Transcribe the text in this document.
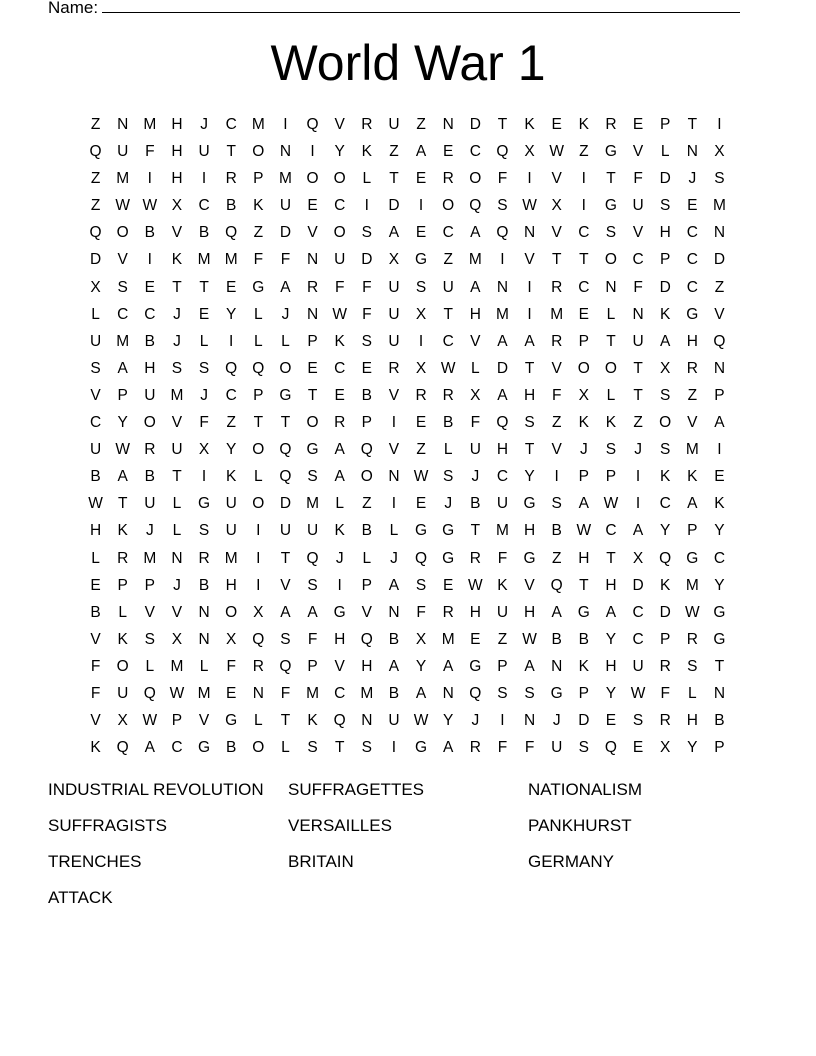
Name:
World War 1
Z	N M H	J	C M	I	Q	V	R	U	Z	N	D	T	K	E	K	R	E	P	T	I
Q U	F	H	U	T	O N	I	Y	K	Z	A	E	C	Q	X W Z	G	V	L	N	X
Z	M	I	H	I	R	P M O O	L	T	E	R	O	F	I	V	I	T	F	D	J	S
Z W W X	C	B	K	U	E	C	I	D	I	O Q	S W X	I	G U	S	E M
Q O	B	V	B	Q	Z	D	V	O	S	A	E	C	A	Q N	V	C	S	V	H	C	N
D	V	I	K M M	F	F	N	U	D	X	G	Z	M	I	V	T	T	O C	P	C	D
X	S	E	T	T	E	G	A	R	F	F	U	S	U	A	N	I	R	C	N	F	D	C	Z
L	C	C	J	E	Y	L	J	N W F	U	X	T	H M	I	M	E	L	N	K	G	V
U M	B	J	L	I	L	L	P	K	S	U	I	C	V	A	A	R	P	T	U	A	H	Q
S	A	H	S	S	Q Q O	E	C	E	R	X W	L	D	T	V	O O	T	X	R	N
V	P	U M	J	C	P	G	T	E	B	V	R	R	X	A	H	F	X	L	T	S	Z	P
C	Y	O	V	F	Z	T	T	O R	P	I	E	B	F	Q	S	Z	K	K	Z	O	V	A
U W R	U	X	Y	O Q G	A	Q	V	Z	L	U	H	T	V	J	S	J	S M	I
B	A	B	T	I	K	L	Q	S	A	O N W S	J	C	Y	I	P	P	I	K	K	E
W T	U	L	G U	O D M	L	Z	I	E	J	B	U	G	S	A W	I	C	A	K
H	K	J	L	S	U	I	U	U	K	B	L	G G	T	M H	B W C	A	Y	P	Y
L	R M N	R M	I	T	Q	J	L	J	Q G R	F	G	Z	H	T	X	Q G C
E	P	P	J	B	H	I	V	S	I	P	A	S	E W K	V	Q	T	H	D	K M	Y
B	L	V	V	N	O	X	A	A	G	V	N	F	R	H	U	H	A	G	A	C	D W G
V	K	S	X	N	X	Q	S	F	H	Q	B	X M	E	Z W B	B	Y	C	P	R	G
F	O	L	M	L	F	R	Q	P	V	H	A	Y	A	G	P	A	N	K	H	U	R	S	T
F	U	Q W M	E	N	F	M C M	B	A	N	Q	S	S	G	P	Y W F	L	N
V	X W P	V	G	L	T	K	Q N	U W Y	J	I	N	J	D	E	S	R	H	B
K	Q	A	C	G	B	O	L	S	T	S	I	G	A	R	F	F	U	S	Q	E	X	Y	P
INDUSTRIAL REVOLUTION	SUFFRAGETTES	NATIONALISM
SUFFRAGISTS	VERSAILLES	PANKHURST
TRENCHES	BRITAIN	GERMANY
ATTACK
